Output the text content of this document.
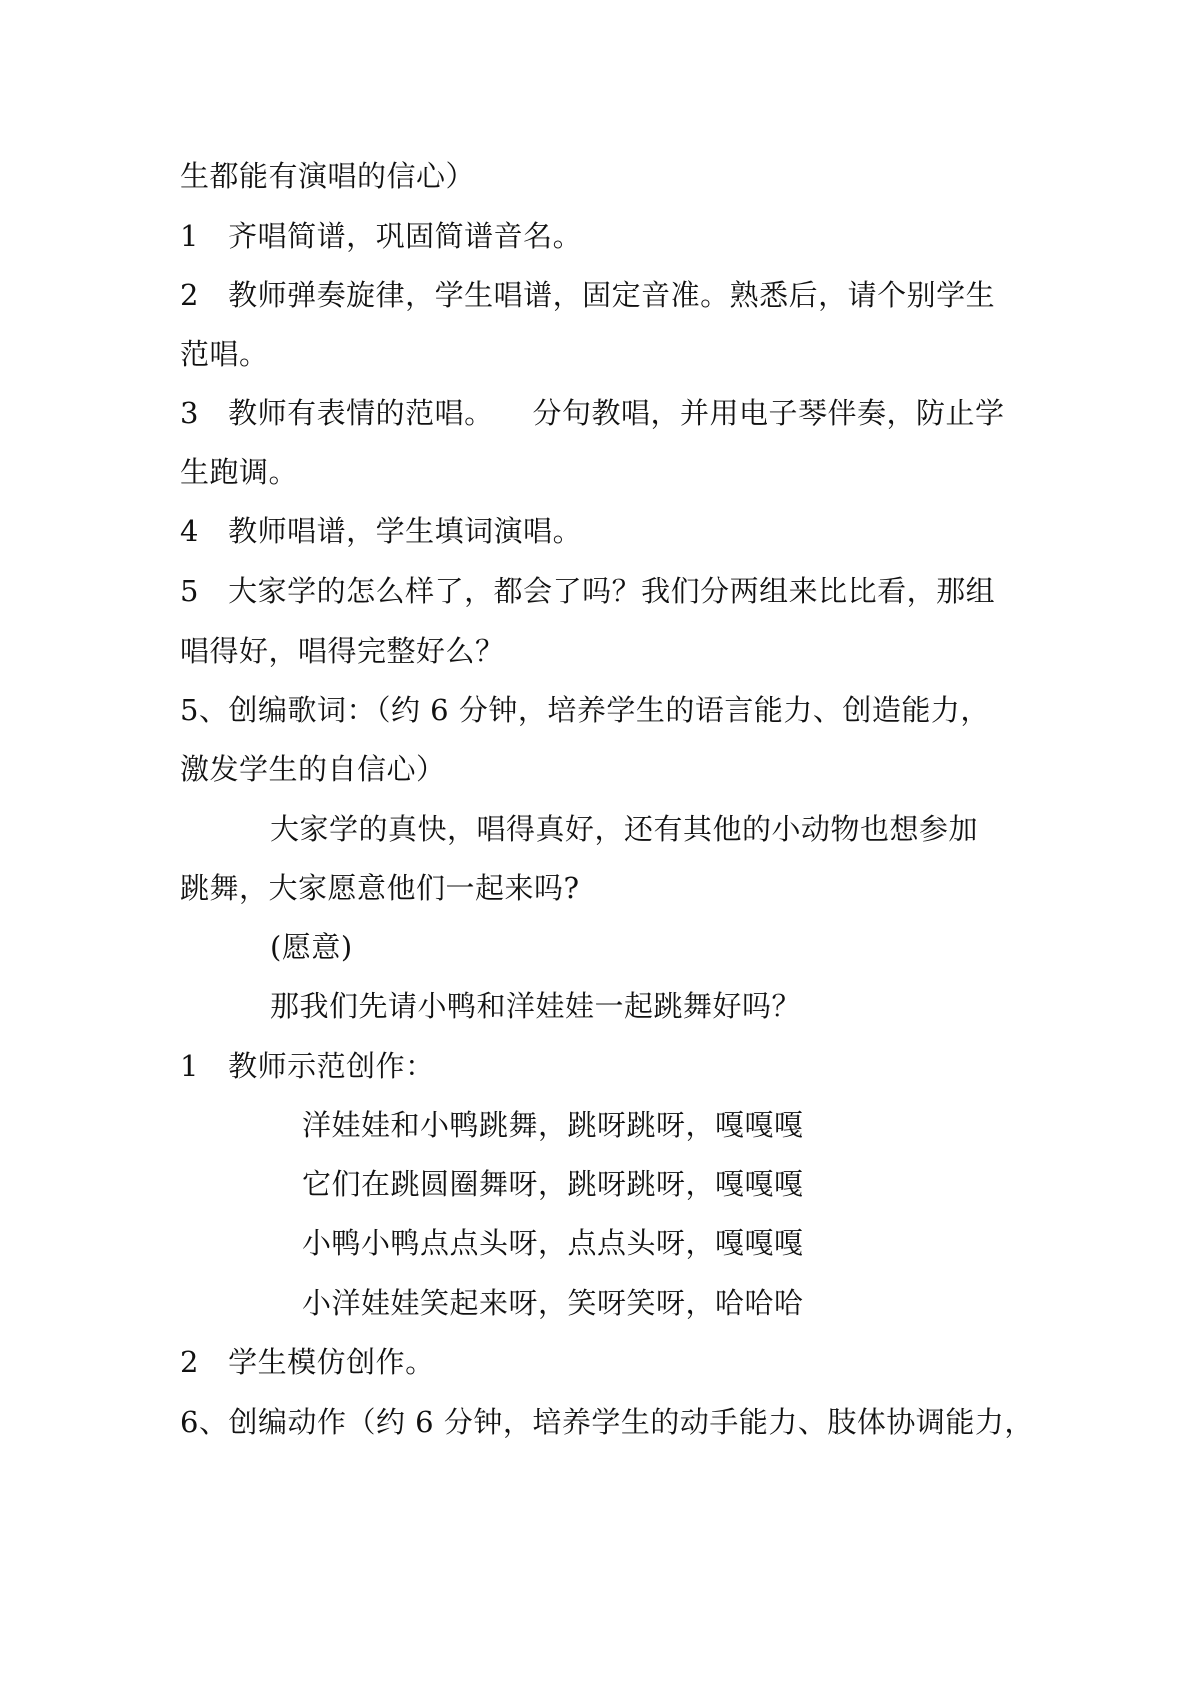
生都能有演唱的信心）
1   齐唱简谱，巩固简谱音名。
2   教师弹奏旋律，学生唱谱，固定音准。熟悉后，请个别学生
范唱。
3   教师有表情的范唱。    分句教唱，并用电子琴伴奏，防止学
生跑调。
4   教师唱谱，学生填词演唱。
5   大家学的怎么样了，都会了吗？我们分两组来比比看，那组
唱得好，唱得完整好么？
5、创编歌词：（约 6 分钟，培养学生的语言能力、创造能力，
激发学生的自信心）
大家学的真快，唱得真好，还有其他的小动物也想参加
跳舞，大家愿意他们一起来吗?
(愿意)
那我们先请小鸭和洋娃娃一起跳舞好吗？
1   教师示范创作：
洋娃娃和小鸭跳舞，跳呀跳呀，嘎嘎嘎
它们在跳圆圈舞呀，跳呀跳呀，嘎嘎嘎
小鸭小鸭点点头呀，点点头呀，嘎嘎嘎
小洋娃娃笑起来呀，笑呀笑呀，哈哈哈
2   学生模仿创作。
6、创编动作（约 6 分钟，培养学生的动手能力、肢体协调能力，
